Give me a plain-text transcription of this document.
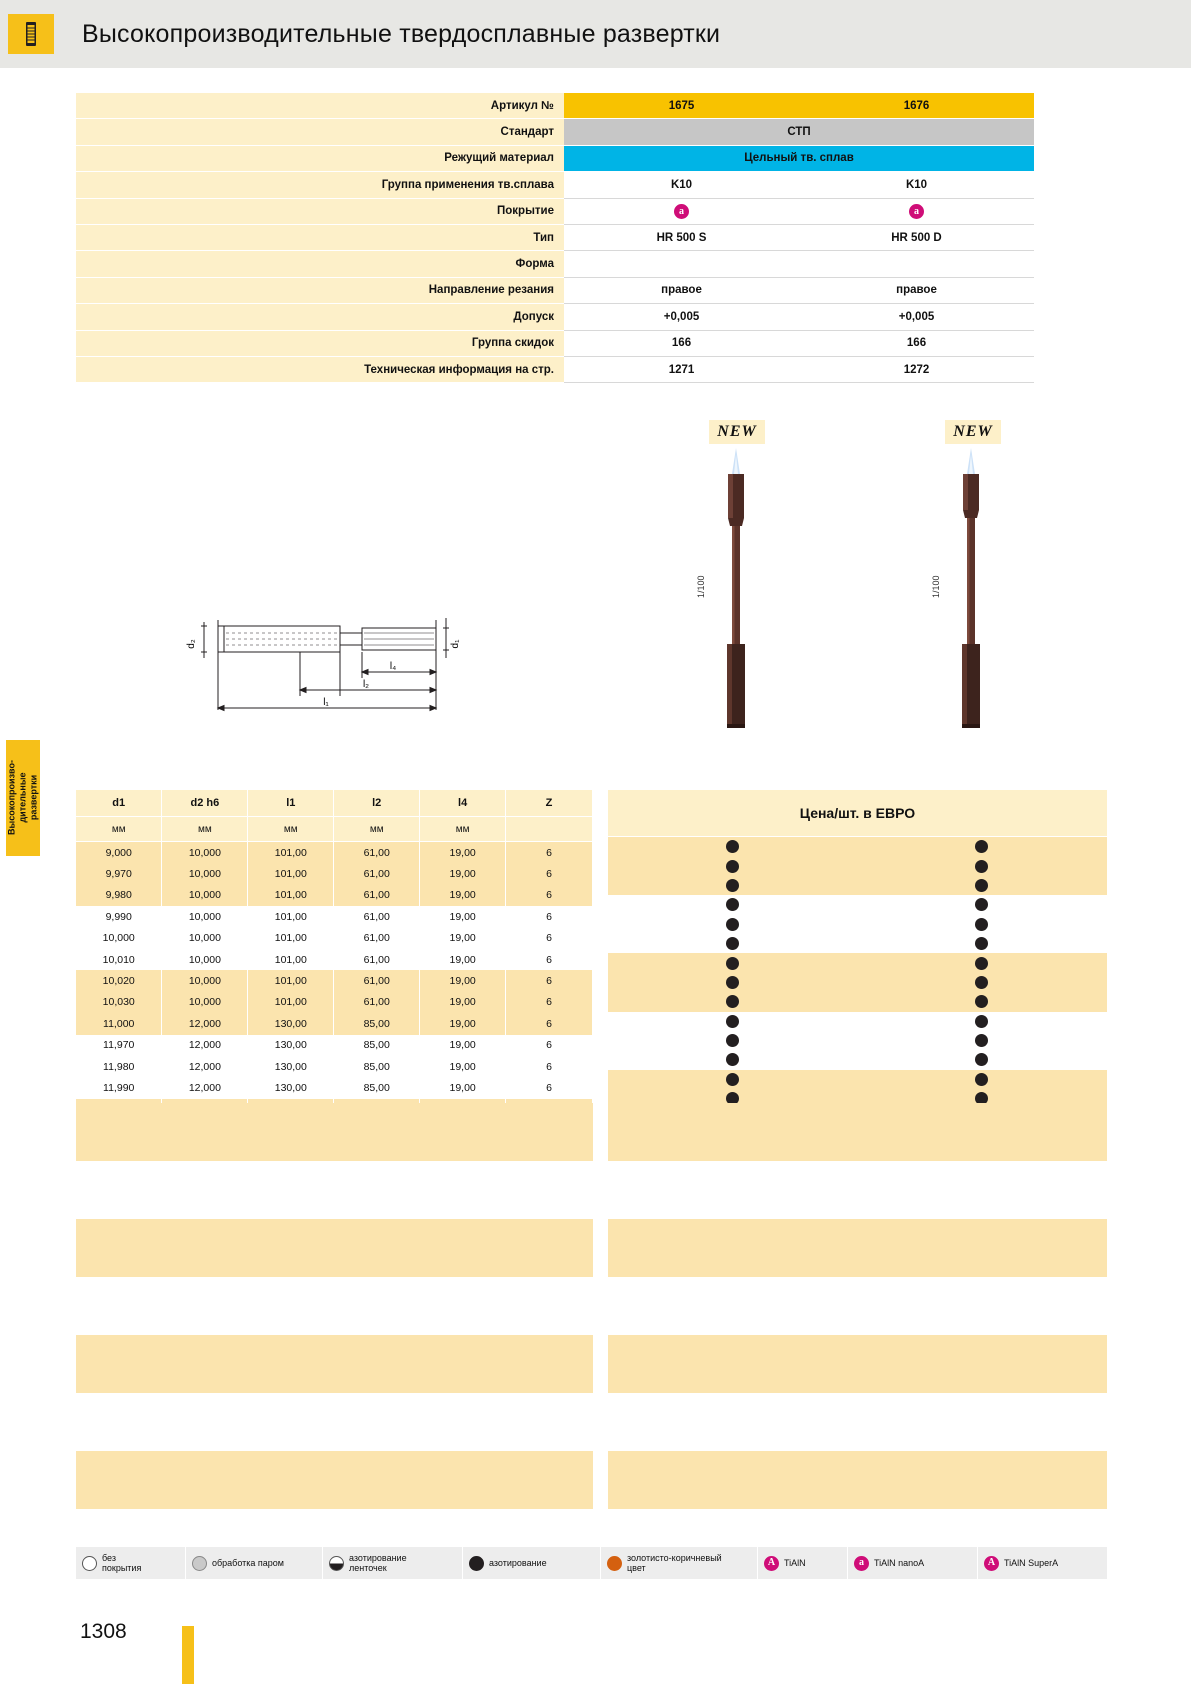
Высокопроизводительные твердосплавные развертки
Высокопроизво-
дительные
развертки
Артикул №	1675	1676
Стандарт	СТП
Режущий материал	Цельный тв. сплав
Группа применения тв.сплава	K10	K10
Покрытие	a	a
Тип	HR 500 S	HR 500 D
Форма
Направление резания	правое	правое
Допуск	+0,005	+0,005
Группа скидок	166	166
Техническая информация на стр.	1271	1272
NEW	NEW
1/100	1/100
d₂	d₁
l₄
l₂
l₁
d1	d2 h6	l1	l2	l4	Z
мм	мм	мм	мм	мм	
9,000	10,000	101,00	61,00	19,00	6
9,970	10,000	101,00	61,00	19,00	6
9,980	10,000	101,00	61,00	19,00	6
9,990	10,000	101,00	61,00	19,00	6
10,000	10,000	101,00	61,00	19,00	6
10,010	10,000	101,00	61,00	19,00	6
10,020	10,000	101,00	61,00	19,00	6
10,030	10,000	101,00	61,00	19,00	6
11,000	12,000	130,00	85,00	19,00	6
11,970	12,000	130,00	85,00	19,00	6
11,980	12,000	130,00	85,00	19,00	6
11,990	12,000	130,00	85,00	19,00	6

Цена/шт. в ЕВРО
без
покрытия	обработка паром	азотирование
ленточек	азотирование	золотисто-коричневый
цвет	A TiAlN	a	TiAlN nanoA	A TiAlN SuperA
1308
